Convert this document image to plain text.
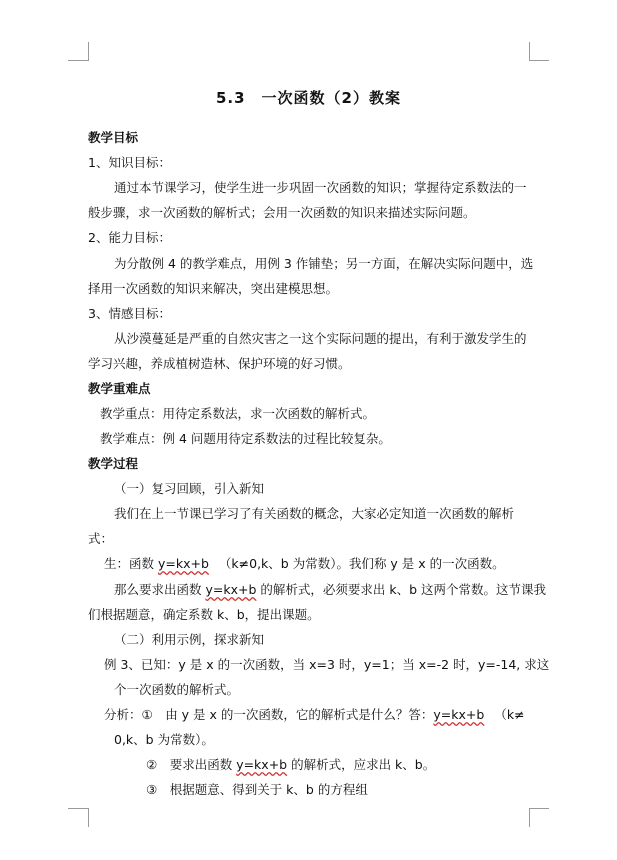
5.3　一次函数（2）教案
教学目标
1、知识目标：
通过本节课学习，使学生进一步巩固一次函数的知识；掌握待定系数法的一
般步骤，求一次函数的解析式；会用一次函数的知识来描述实际问题。
2、能力目标：
为分散例 4 的教学难点，用例 3 作铺垫；另一方面，在解决实际问题中，选
择用一次函数的知识来解决，突出建模思想。
3、情感目标：
从沙漠蔓延是严重的自然灾害之一这个实际问题的提出，有利于激发学生的
学习兴趣，养成植树造林、保护环境的好习惯。
教学重难点
教学重点：用待定系数法，求一次函数的解析式。
教学难点：例 4 问题用待定系数法的过程比较复杂。
教学过程
（一）复习回顾，引入新知
我们在上一节课已学习了有关函数的概念，大家必定知道一次函数的解析
式：
生：函数 y=kx+b （k≠0,k、b 为常数）。我们称 y 是 x 的一次函数。
那么要求出函数 y=kx+b 的解析式，必须要求出 k、b 这两个常数。这节课我
们根据题意，确定系数 k、b，提出课题。
（二）利用示例，探求新知
例 3、已知：y 是 x 的一次函数，当 x=3 时，y=1；当 x=-2 时，y=-14, 求这
个一次函数的解析式。
分析：①　由 y 是 x 的一次函数，它的解析式是什么？答：y=kx+b （k≠
0,k、b 为常数）。
②　要求出函数 y=kx+b 的解析式，应求出 k、b。
③　根据题意、得到关于 k、b 的方程组
